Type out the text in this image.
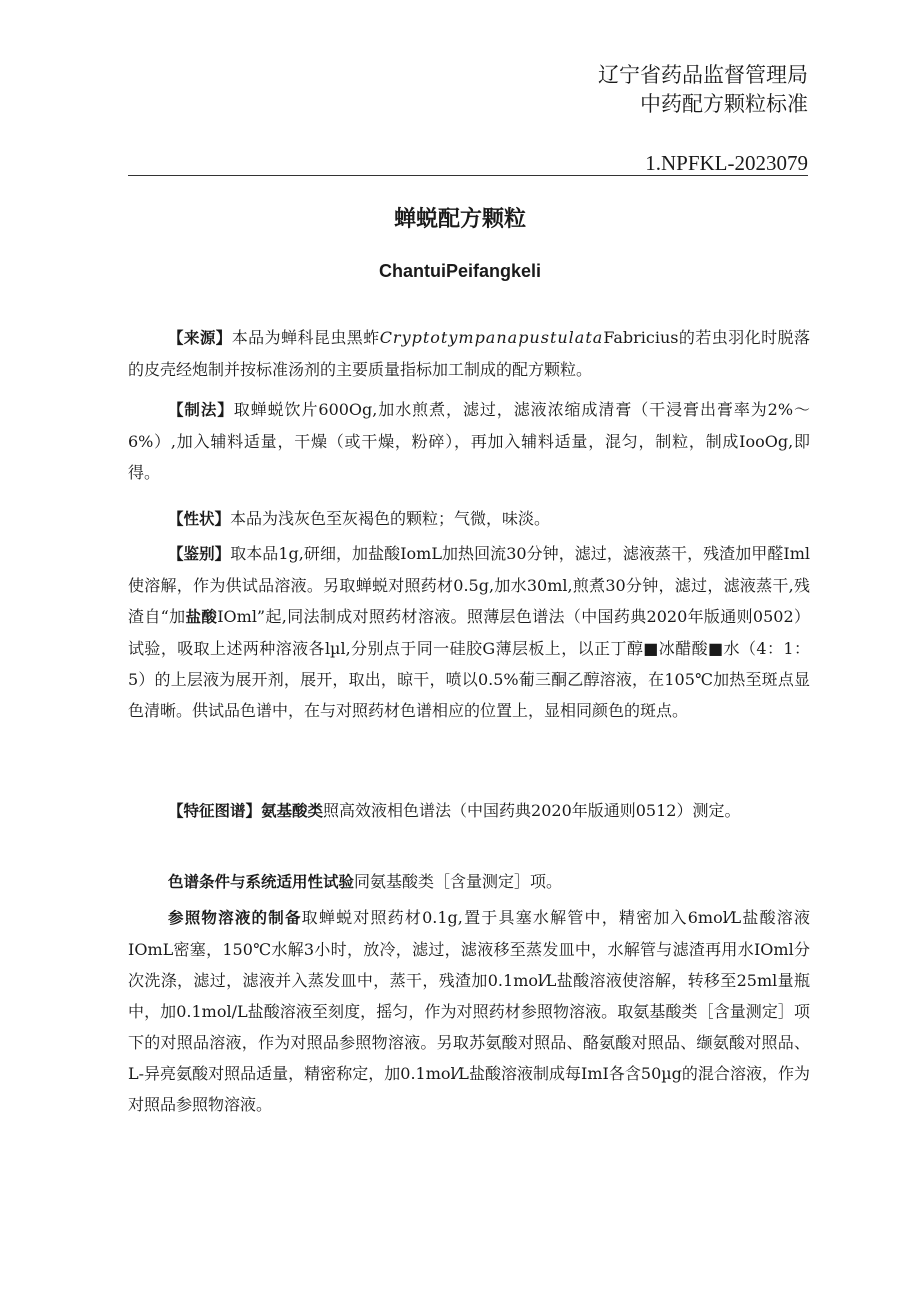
辽宁省药品监督管理局
中药配方颗粒标准
1.NPFKL-2023079
蝉蜕配方颗粒
ChantuiPeifangkeli

【来源】本品为蝉科昆虫黑蚱CryptotympanapustulataFabricius的若虫羽化时脱落的皮壳经炮制并按标准汤剂的主要质量指标加工制成的配方颗粒。

【制法】取蝉蜕饮片600Og,加水煎煮，滤过，滤液浓缩成清膏（干浸膏出膏率为2%～6%）,加入辅料适量，干燥（或干燥，粉碎），再加入辅料适量，混匀，制粒，制成IooOg,即得。

【性状】本品为浅灰色至灰褐色的颗粒；气微，味淡。

【鉴别】取本品1g,研细，加盐酸IomL加热回流30分钟，滤过，滤液蒸干，残渣加甲醛Iml使溶解，作为供试品溶液。另取蝉蜕对照药材0.5g,加水30ml,煎煮30分钟，滤过，滤液蒸干,残渣自“加盐酸IOml”起,同法制成对照药材溶液。照薄层色谱法（中国药典2020年版通则0502）试验，吸取上述两种溶液各lµl,分别点于同一硅胶G薄层板上，以正丁醇■冰醋酸■水（4：1：5）的上层液为展开剂，展开，取出，晾干，喷以0.5%葡三酮乙醇溶液，在105℃加热至斑点显色清晰。供试品色谱中，在与对照药材色谱相应的位置上，显相同颜色的斑点。

【特征图谱】氨基酸类照高效液相色谱法（中国药典2020年版通则0512）测定。

色谱条件与系统适用性试验同氨基酸类［含量测定］项。

参照物溶液的制备取蝉蜕对照药材0.1g,置于具塞水解管中，精密加入6mol⁄L盐酸溶液IOmL密塞，150℃水解3小时，放冷，滤过，滤液移至蒸发皿中，水解管与滤渣再用水IOml分次洗涤，滤过，滤液并入蒸发皿中，蒸干，残渣加0.1mol⁄L盐酸溶液使溶解，转移至25ml量瓶中，加0.1mol/L盐酸溶液至刻度，摇匀，作为对照药材参照物溶液。取氨基酸类［含量测定］项下的对照品溶液，作为对照品参照物溶液。另取苏氨酸对照品、酪氨酸对照品、缬氨酸对照品、L-异亮氨酸对照品适量，精密称定，加0.1mol⁄L盐酸溶液制成每ImI各含50µg的混合溶液，作为对照品参照物溶液。
